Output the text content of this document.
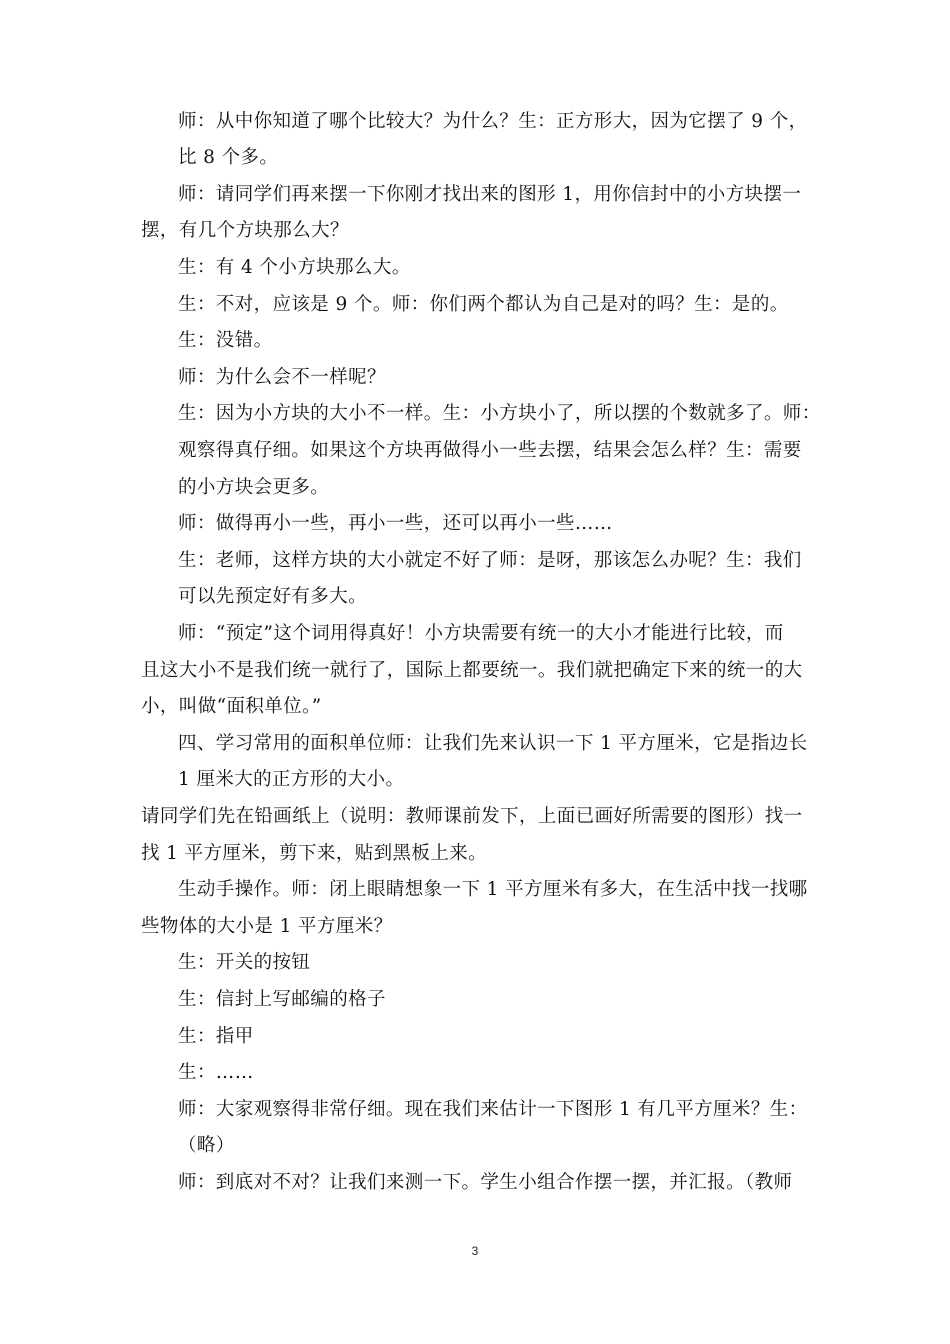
师：从中你知道了哪个比较大？为什么？生：正方形大，因为它摆了 9 个，
比 8 个多。
师：请同学们再来摆一下你刚才找出来的图形 1，用你信封中的小方块摆一
摆，有几个方块那么大？
生：有 4 个小方块那么大。
生：不对，应该是 9 个。师：你们两个都认为自己是对的吗？生：是的。
生：没错。
师：为什么会不一样呢？
生：因为小方块的大小不一样。生：小方块小了，所以摆的个数就多了。师：
观察得真仔细。如果这个方块再做得小一些去摆，结果会怎么样？生：需要
的小方块会更多。
师：做得再小一些，再小一些，还可以再小一些……
生：老师，这样方块的大小就定不好了师：是呀，那该怎么办呢？生：我们
可以先预定好有多大。
师：“预定”这个词用得真好！小方块需要有统一的大小才能进行比较，而
且这大小不是我们统一就行了，国际上都要统一。我们就把确定下来的统一的大
小，叫做“面积单位。”
四、学习常用的面积单位师：让我们先来认识一下 1 平方厘米，它是指边长
1 厘米大的正方形的大小。
请同学们先在铅画纸上（说明：教师课前发下，上面已画好所需要的图形）找一
找 1 平方厘米，剪下来，贴到黑板上来。
生动手操作。师：闭上眼睛想象一下 1 平方厘米有多大，在生活中找一找哪
些物体的大小是 1 平方厘米？
生：开关的按钮
生：信封上写邮编的格子
生：指甲
生：……
师：大家观察得非常仔细。现在我们来估计一下图形 1 有几平方厘米？生：
（略）
师：到底对不对？让我们来测一下。学生小组合作摆一摆，并汇报。（教师
3
